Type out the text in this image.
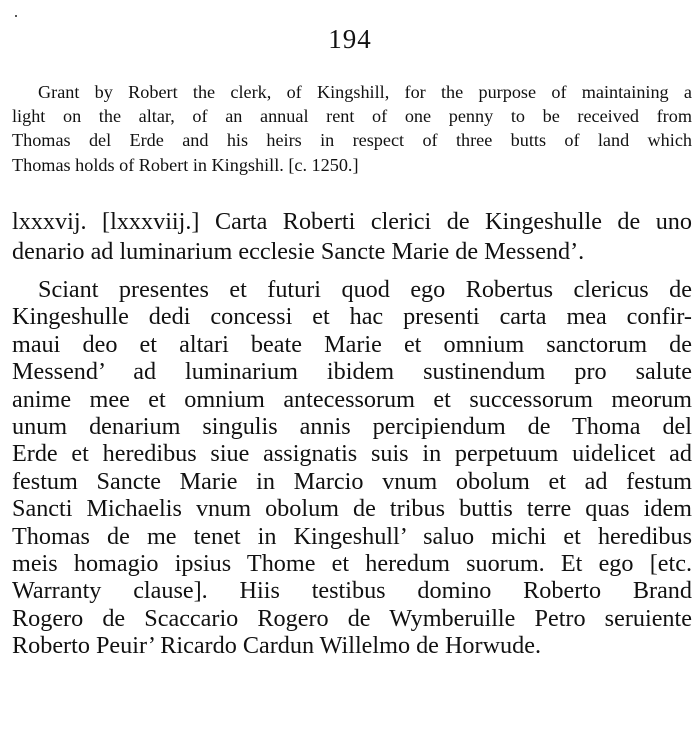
194

Grant by Robert the clerk, of Kingshill, for the purpose of maintaining a
light on the altar, of an annual rent of one penny to be received from
Thomas del Erde and his heirs in respect of three butts of land which
Thomas holds of Robert in Kingshill. [c. 1250.]

lxxxvij. [lxxxviij.] Carta Roberti clerici de Kingeshulle de uno
denario ad luminarium ecclesie Sancte Marie de Messend’.

Sciant presentes et futuri quod ego Robertus clericus de
Kingeshulle dedi concessi et hac presenti carta mea confir-
maui deo et altari beate Marie et omnium sanctorum de
Messend’ ad luminarium ibidem sustinendum pro salute
anime mee et omnium antecessorum et successorum meorum
unum denarium singulis annis percipiendum de Thoma del
Erde et heredibus siue assignatis suis in perpetuum uidelicet ad
festum Sancte Marie in Marcio vnum obolum et ad festum
Sancti Michaelis vnum obolum de tribus buttis terre quas idem
Thomas de me tenet in Kingeshull’ saluo michi et heredibus
meis homagio ipsius Thome et heredum suorum. Et ego [etc.
Warranty clause]. Hiis testibus domino Roberto Brand
Rogero de Scaccario Rogero de Wymberuille Petro seruiente
Roberto Peuir’ Ricardo Cardun Willelmo de Horwude.
